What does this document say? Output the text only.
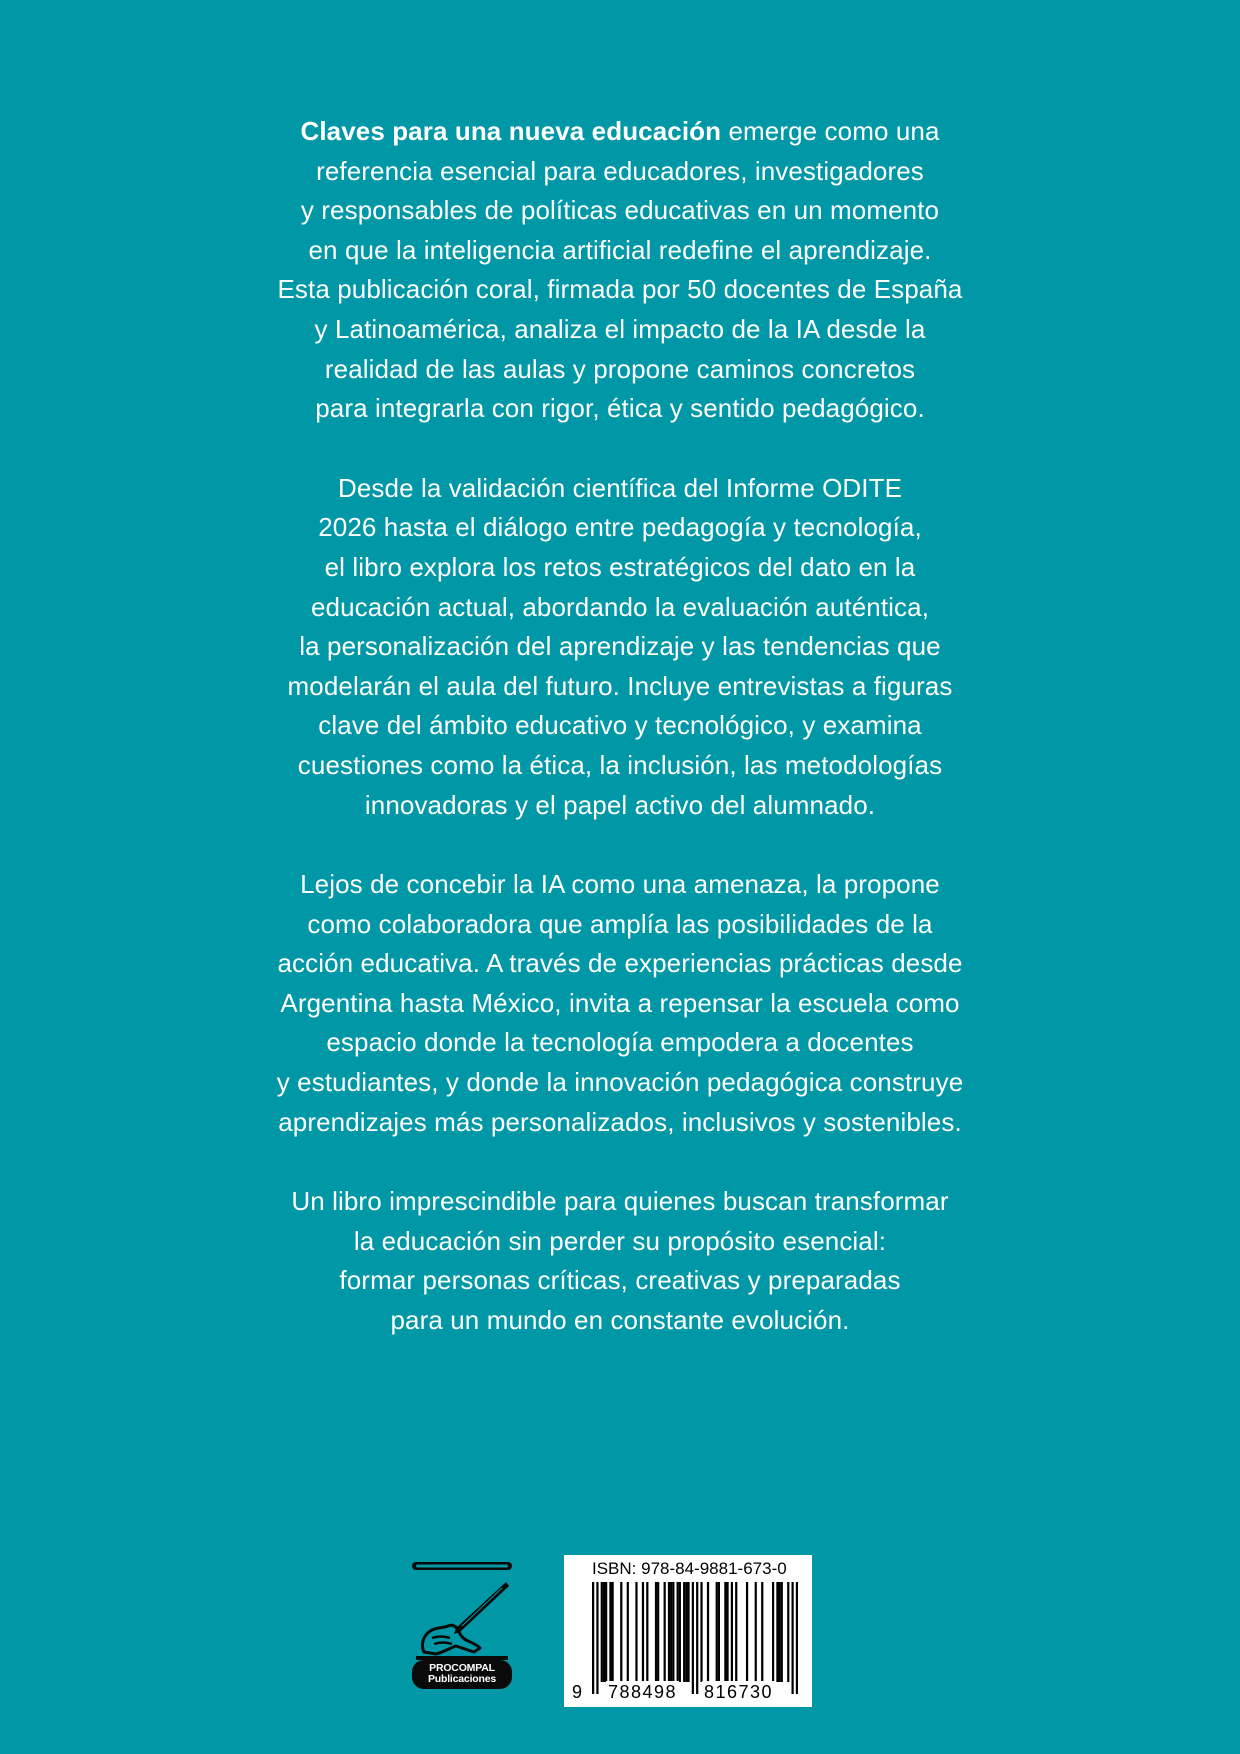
Claves para una nueva educación emerge como una
referencia esencial para educadores, investigadores
y responsables de políticas educativas en un momento
en que la inteligencia artificial redefine el aprendizaje.
Esta publicación coral, firmada por 50 docentes de España
y Latinoamérica, analiza el impacto de la IA desde la
realidad de las aulas y propone caminos concretos
para integrarla con rigor, ética y sentido pedagógico.

Desde la validación científica del Informe ODITE
2026 hasta el diálogo entre pedagogía y tecnología,
el libro explora los retos estratégicos del dato en la
educación actual, abordando la evaluación auténtica,
la personalización del aprendizaje y las tendencias que
modelarán el aula del futuro. Incluye entrevistas a figuras
clave del ámbito educativo y tecnológico, y examina
cuestiones como la ética, la inclusión, las metodologías
innovadoras y el papel activo del alumnado.

Lejos de concebir la IA como una amenaza, la propone
como colaboradora que amplía las posibilidades de la
acción educativa. A través de experiencias prácticas desde
Argentina hasta México, invita a repensar la escuela como
espacio donde la tecnología empodera a docentes
y estudiantes, y donde la innovación pedagógica construye
aprendizajes más personalizados, inclusivos y sostenibles.

Un libro imprescindible para quienes buscan transformar
la educación sin perder su propósito esencial:
formar personas críticas, creativas y preparadas
para un mundo en constante evolución.

PROCOMPAL
Publicaciones
ISBN: 978-84-9881-673-0
9 788498 816730
